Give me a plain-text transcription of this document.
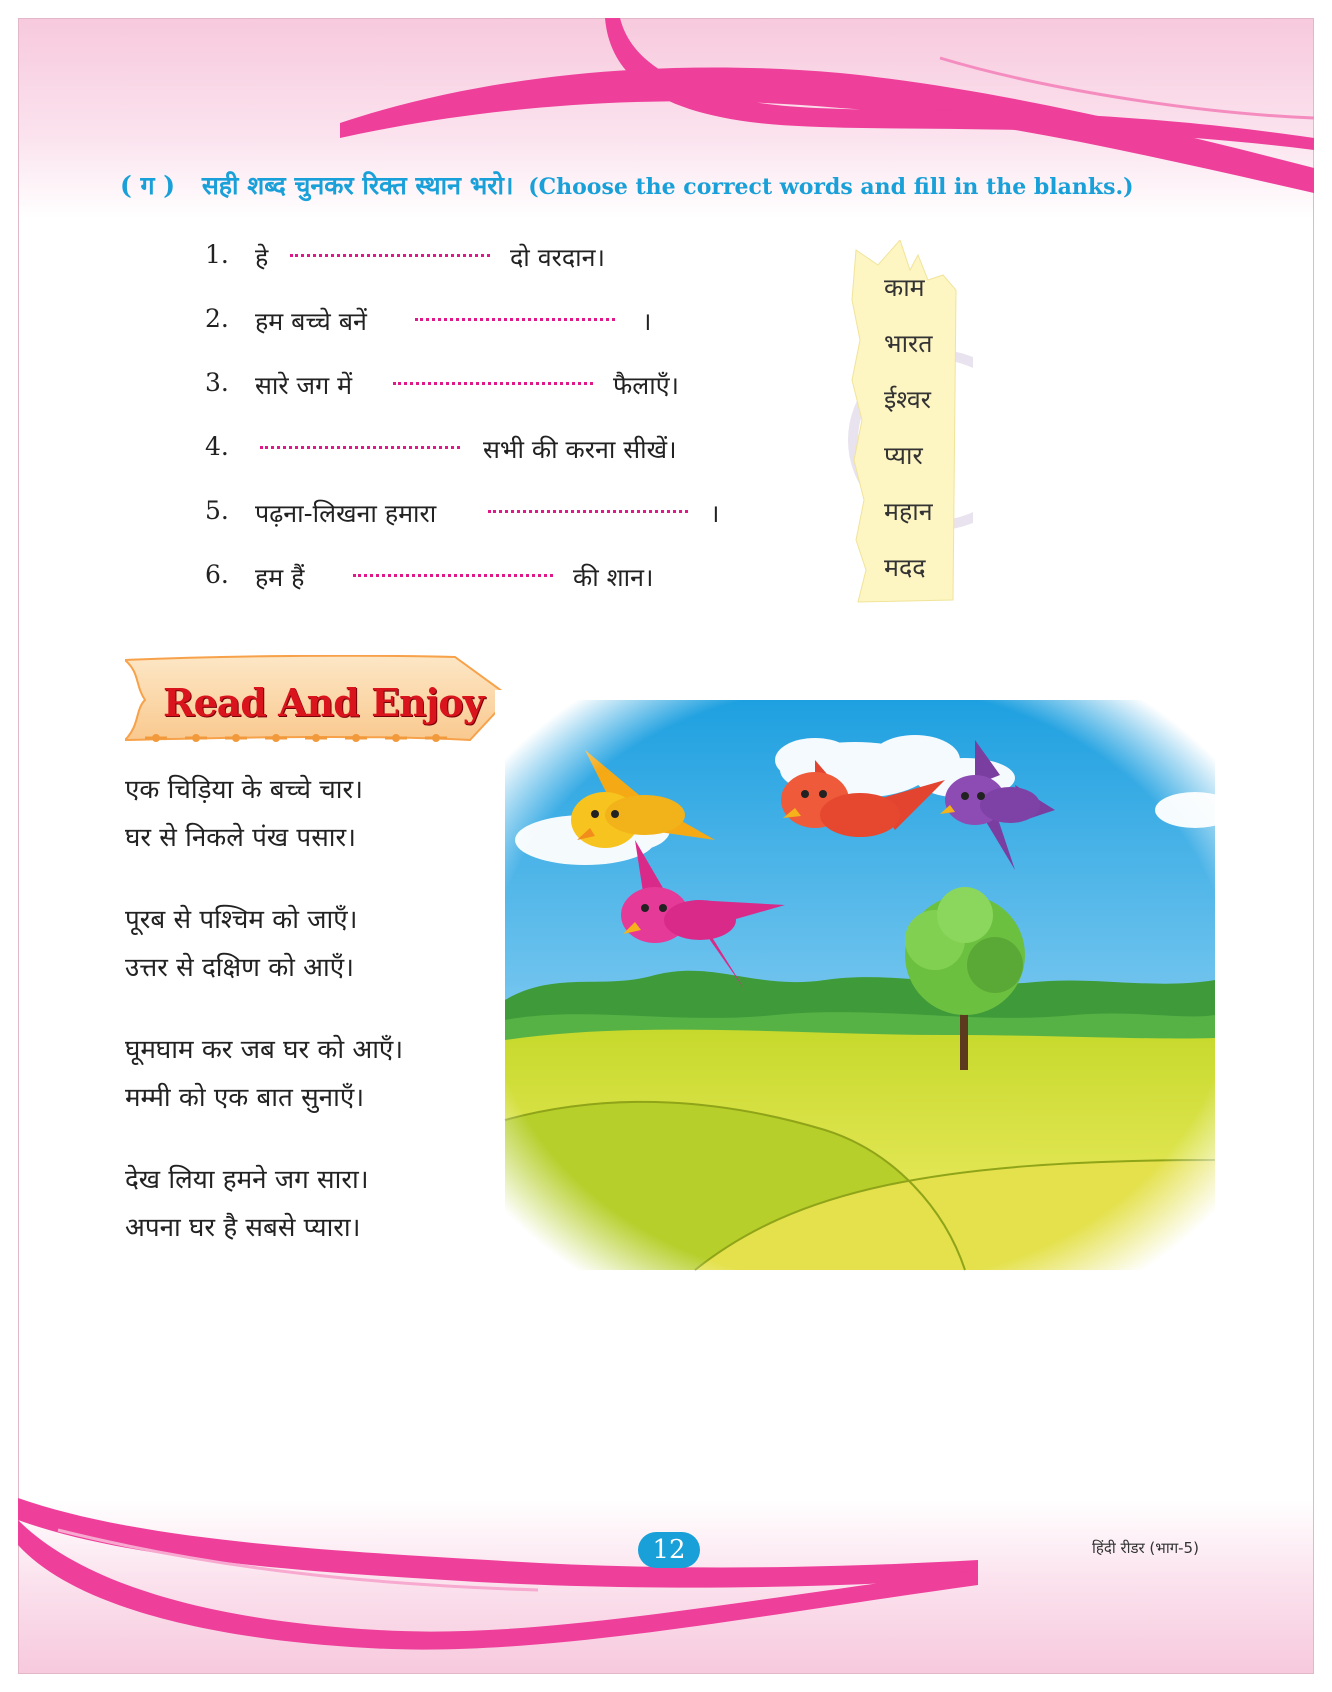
( ग ) सही शब्द चुनकर रिक्त स्थान भरो। (Choose the correct words and fill in the blanks.)
1. हे	दो वरदान।
2. हम बच्चे बनें	।
3. सारे जग में	फैलाएँ।
4.	सभी की करना सीखें।
5. पढ़ना-लिखना हमारा	।
6. हम हैं	की शान।
काम
भारत
ईश्वर
प्यार
महान
मदद
Read And Enjoy
एक चिड़िया के बच्चे चार।
घर से निकले पंख पसार।
पूरब से पश्चिम को जाएँ।
उत्तर से दक्षिण को आएँ।
घूमघाम कर जब घर को आएँ।
मम्मी को एक बात सुनाएँ।
देख लिया हमने जग सारा।
अपना घर है सबसे प्यारा।
12	हिंदी रीडर (भाग-5)
